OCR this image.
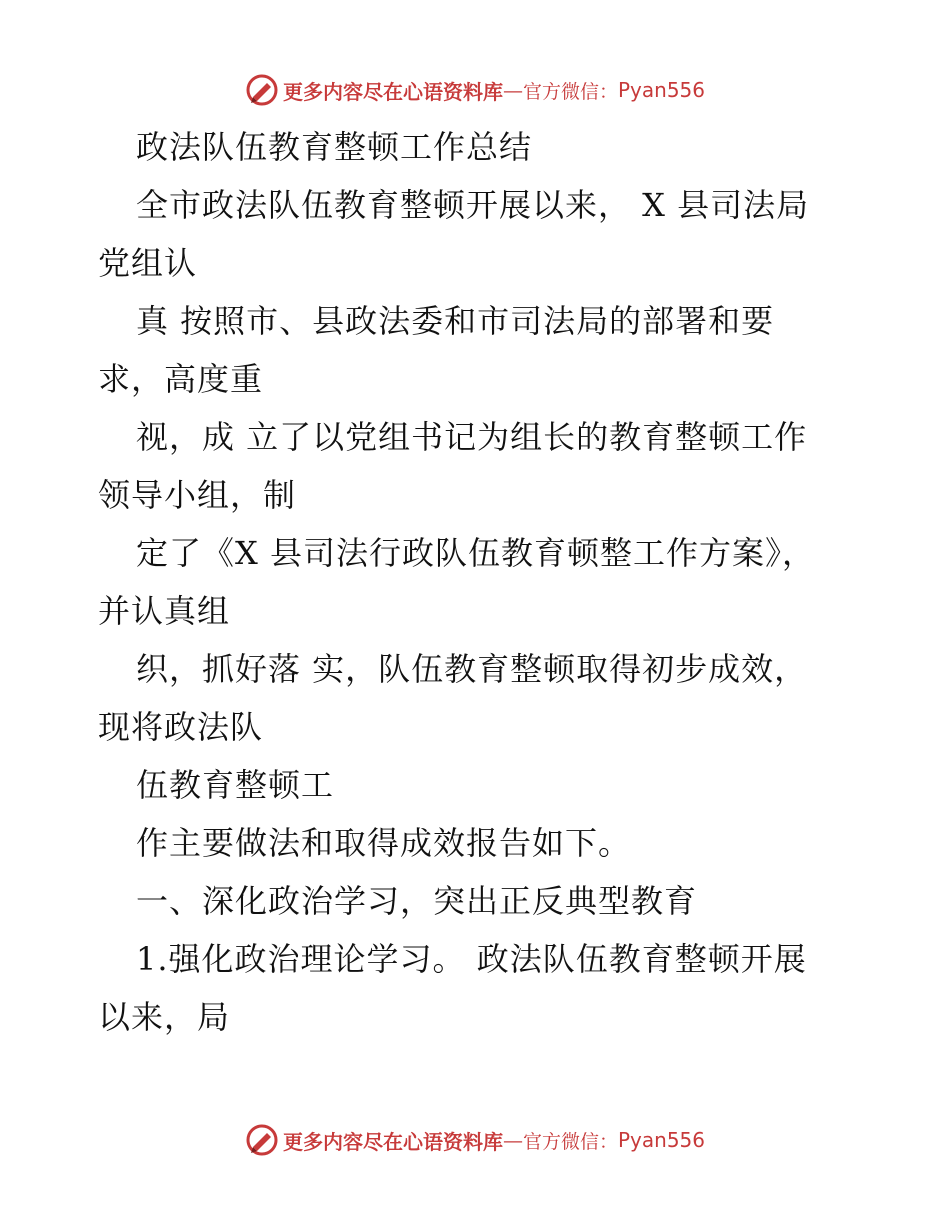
更多内容尽在心语资料库 — 官方微信： Pyan556
政法队伍教育整顿工作总结
全市政法队伍教育整顿开展以来， X 县司法局
党组认
真 按照市、县政法委和市司法局的部署和要
求，高度重
视，成 立了以党组书记为组长的教育整顿工作
领导小组，制
定了《X 县司法行政队伍教育顿整工作方案》，
并认真组
织，抓好落 实，队伍教育整顿取得初步成效，
现将政法队
伍教育整顿工
作主要做法和取得成效报告如下。
一、深化政治学习，突出正反典型教育
1.强化政治理论学习。 政法队伍教育整顿开展
以来，局
更多内容尽在心语资料库 — 官方微信： Pyan556
